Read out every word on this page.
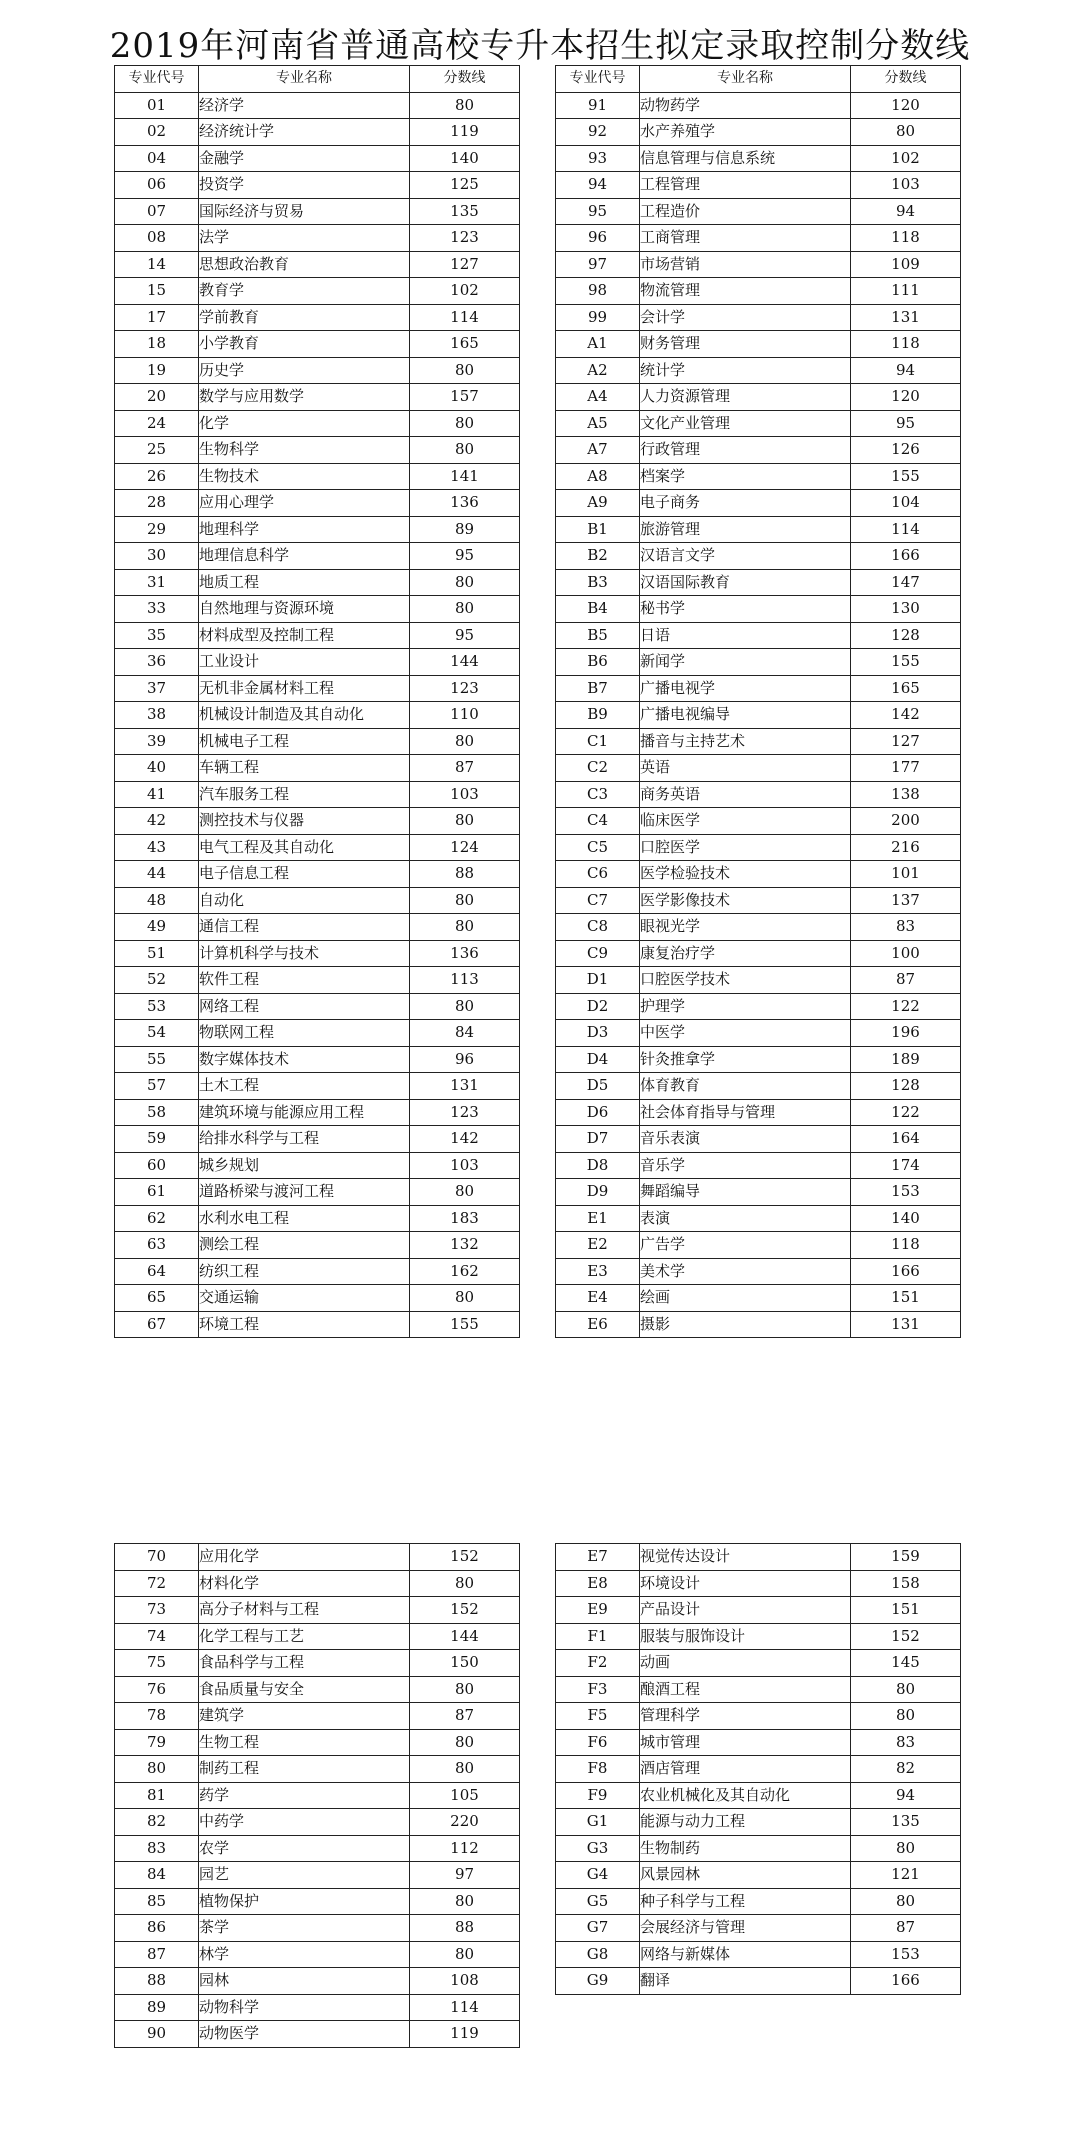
2019年河南省普通高校专升本招生拟定录取控制分数线
专业代号	专业名称	分数线
01	经济学	80
02	经济统计学	119
04	金融学	140
06	投资学	125
07	国际经济与贸易	135
08	法学	123
14	思想政治教育	127
15	教育学	102
17	学前教育	114
18	小学教育	165
19	历史学	80
20	数学与应用数学	157
24	化学	80
25	生物科学	80
26	生物技术	141
28	应用心理学	136
29	地理科学	89
30	地理信息科学	95
31	地质工程	80
33	自然地理与资源环境	80
35	材料成型及控制工程	95
36	工业设计	144
37	无机非金属材料工程	123
38	机械设计制造及其自动化	110
39	机械电子工程	80
40	车辆工程	87
41	汽车服务工程	103
42	测控技术与仪器	80
43	电气工程及其自动化	124
44	电子信息工程	88
48	自动化	80
49	通信工程	80
51	计算机科学与技术	136
52	软件工程	113
53	网络工程	80
54	物联网工程	84
55	数字媒体技术	96
57	土木工程	131
58	建筑环境与能源应用工程	123
59	给排水科学与工程	142
60	城乡规划	103
61	道路桥梁与渡河工程	80
62	水利水电工程	183
63	测绘工程	132
64	纺织工程	162
65	交通运输	80
67	环境工程	155
专业代号	专业名称	分数线
91	动物药学	120
92	水产养殖学	80
93	信息管理与信息系统	102
94	工程管理	103
95	工程造价	94
96	工商管理	118
97	市场营销	109
98	物流管理	111
99	会计学	131
A1	财务管理	118
A2	统计学	94
A4	人力资源管理	120
A5	文化产业管理	95
A7	行政管理	126
A8	档案学	155
A9	电子商务	104
B1	旅游管理	114
B2	汉语言文学	166
B3	汉语国际教育	147
B4	秘书学	130
B5	日语	128
B6	新闻学	155
B7	广播电视学	165
B9	广播电视编导	142
C1	播音与主持艺术	127
C2	英语	177
C3	商务英语	138
C4	临床医学	200
C5	口腔医学	216
C6	医学检验技术	101
C7	医学影像技术	137
C8	眼视光学	83
C9	康复治疗学	100
D1	口腔医学技术	87
D2	护理学	122
D3	中医学	196
D4	针灸推拿学	189
D5	体育教育	128
D6	社会体育指导与管理	122
D7	音乐表演	164
D8	音乐学	174
D9	舞蹈编导	153
E1	表演	140
E2	广告学	118
E3	美术学	166
E4	绘画	151
E6	摄影	131
70	应用化学	152
72	材料化学	80
73	高分子材料与工程	152
74	化学工程与工艺	144
75	食品科学与工程	150
76	食品质量与安全	80
78	建筑学	87
79	生物工程	80
80	制药工程	80
81	药学	105
82	中药学	220
83	农学	112
84	园艺	97
85	植物保护	80
86	茶学	88
87	林学	80
88	园林	108
89	动物科学	114
90	动物医学	119
E7	视觉传达设计	159
E8	环境设计	158
E9	产品设计	151
F1	服装与服饰设计	152
F2	动画	145
F3	酿酒工程	80
F5	管理科学	80
F6	城市管理	83
F8	酒店管理	82
F9	农业机械化及其自动化	94
G1	能源与动力工程	135
G3	生物制药	80
G4	风景园林	121
G5	种子科学与工程	80
G7	会展经济与管理	87
G8	网络与新媒体	153
G9	翻译	166
